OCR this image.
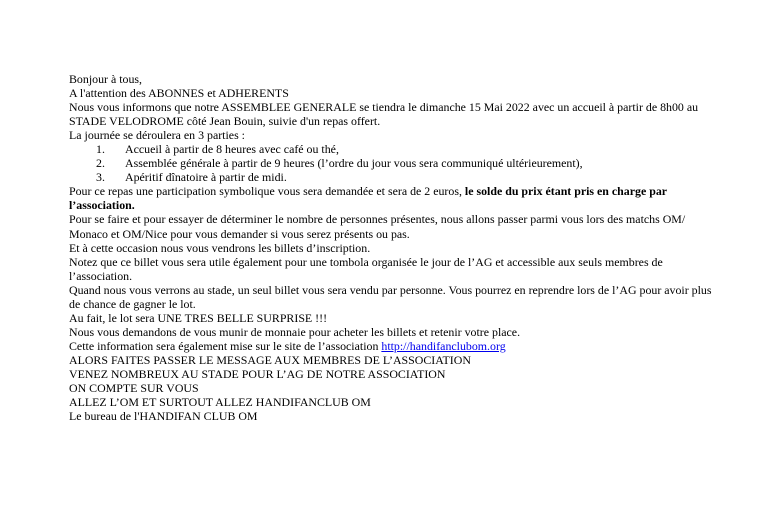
Bonjour à tous,

A l'attention des ABONNES et ADHERENTS

Nous vous informons que notre ASSEMBLEE GENERALE se tiendra le dimanche 15 Mai 2022 avec un accueil à partir de 8h00 au STADE VELODROME côté Jean Bouin, suivie d'un repas offert.

La journée se déroulera en 3 parties :

1. Accueil à partir de 8 heures avec café ou thé,
2. Assemblée générale à partir de 9 heures (l’ordre du jour vous sera communiqué ultérieurement),
3. Apéritif dînatoire à partir de midi.

Pour ce repas une participation symbolique vous sera demandée et sera de 2 euros, le solde du prix étant pris en charge par l’association.

Pour se faire et pour essayer de déterminer le nombre de personnes présentes, nous allons passer parmi vous lors des matchs OM/ Monaco et OM/Nice pour vous demander si vous serez présents ou pas.

Et à cette occasion nous vous vendrons les billets d’inscription.

Notez que ce billet vous sera utile également pour une tombola organisée le jour de l’AG et accessible aux seuls membres de l’association.

Quand nous vous verrons au stade, un seul billet vous sera vendu par personne. Vous pourrez en reprendre lors de l’AG pour avoir plus de chance de gagner le lot.

Au fait, le lot sera UNE TRES BELLE SURPRISE !!!

Nous vous demandons de vous munir de monnaie pour acheter les billets et retenir votre place.

Cette information sera également mise sur le site de l’association http://handifanclubom.org

ALORS FAITES PASSER LE MESSAGE AUX MEMBRES DE L’ASSOCIATION

VENEZ NOMBREUX AU STADE POUR L’AG DE NOTRE ASSOCIATION

ON COMPTE SUR VOUS

ALLEZ L’OM ET SURTOUT ALLEZ HANDIFANCLUB OM

Le bureau de l'HANDIFAN CLUB OM
